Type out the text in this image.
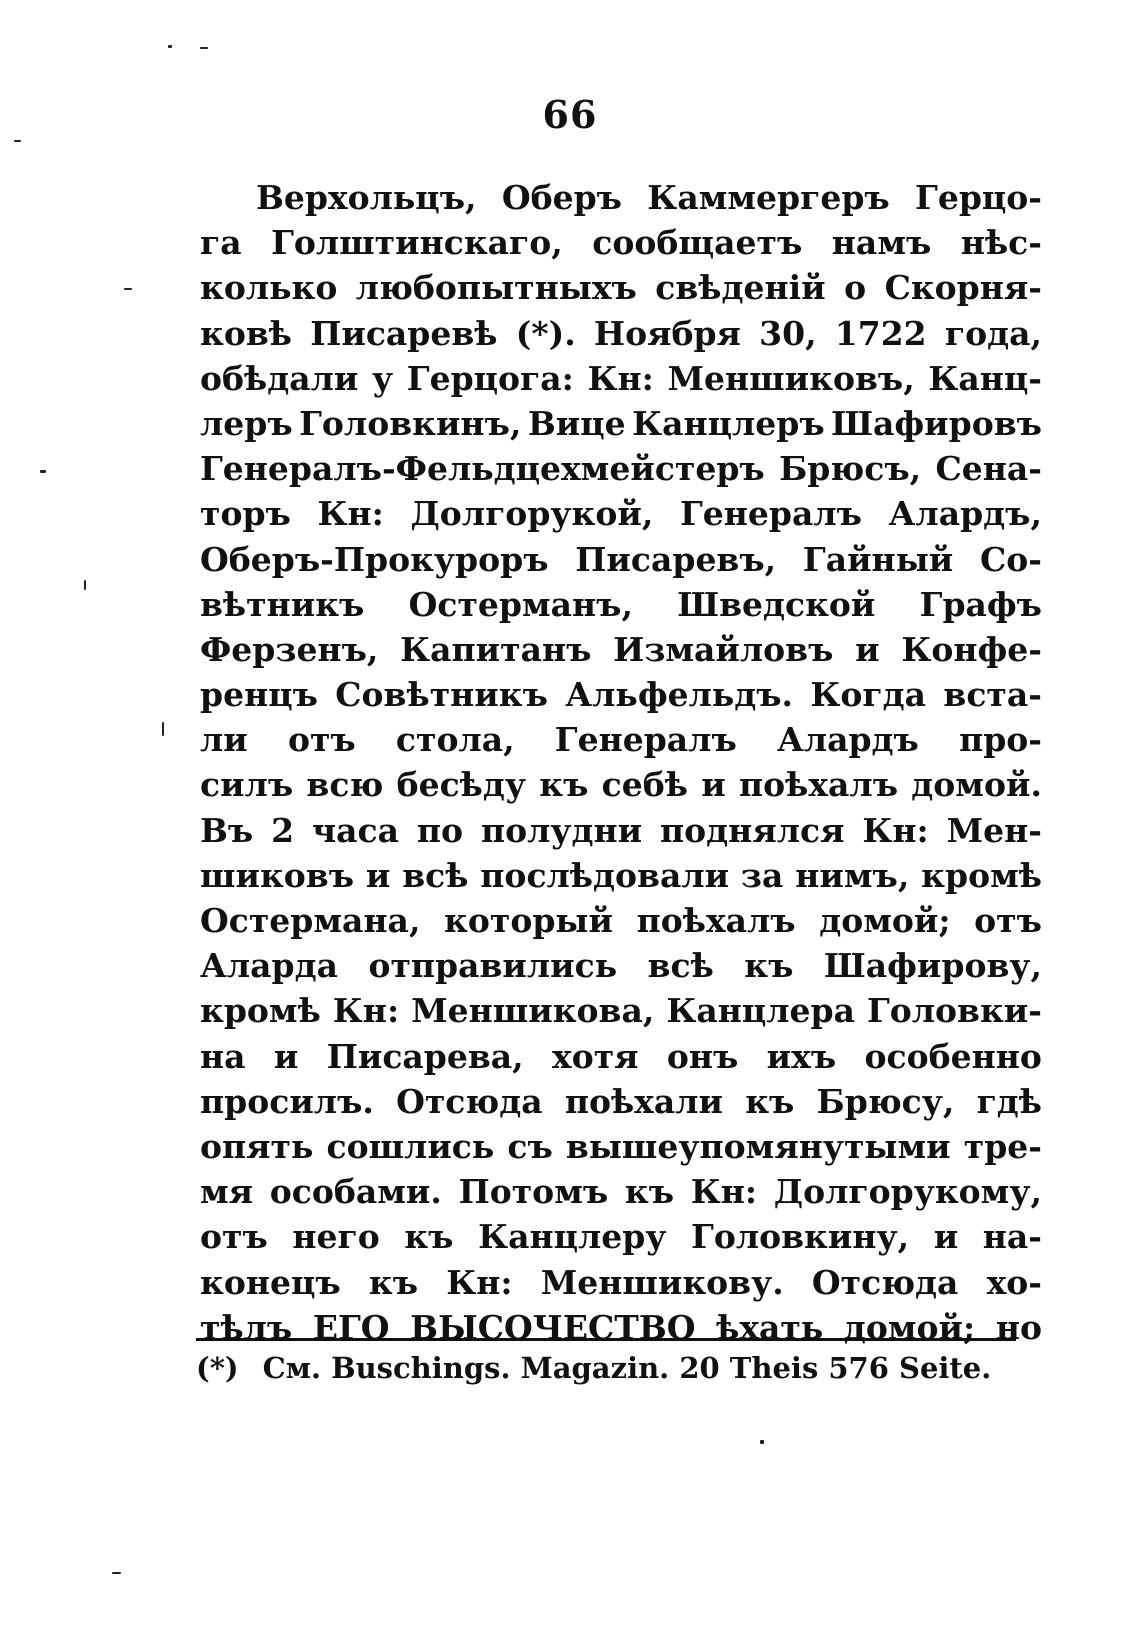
66
Верхольцъ, Оберъ Каммергеръ Герцо-
га Голштинскаго, сообщаетъ намъ нѣс-
колько любопытныхъ свѣденій о Скорня-
ковѣ Писаревѣ (*). Ноября 30, 1722 года,
обѣдали у Герцога: Кн: Меншиковъ, Канц-
леръ Головкинъ, Вице Канцлеръ Шафировъ
Генералъ-Фельдцехмейстеръ Брюсъ, Сена-
торъ Кн: Долгорукой, Генералъ Алардъ,
Оберъ-Прокуроръ Писаревъ, Гайный Со-
вѣтникъ Остерманъ, Шведской Графъ
Ферзенъ, Капитанъ Измайловъ и Конфе-
ренцъ Совѣтникъ Альфельдъ. Когда вста-
ли отъ стола, Генералъ Алардъ про-
силъ всю бесѣду къ себѣ и поѣхалъ домой.
Въ 2 часа по полудни поднялся Кн: Мен-
шиковъ и всѣ послѣдовали за нимъ, кромѣ
Остермана, который поѣхалъ домой; отъ
Аларда отправились всѣ къ Шафирову,
кромѣ Кн: Меншикова, Канцлера Головки-
на и Писарева, хотя онъ ихъ особенно
просилъ. Отсюда поѣхали къ Брюсу, гдѣ
опять сошлись съ вышеупомянутыми тре-
мя особами. Потомъ къ Кн: Долгорукому,
отъ него къ Канцлеру Головкину, и на-
конецъ къ Кн: Меншикову. Отсюда хо-
тѣлъ ЕГО ВЫСОЧЕСТВО ѣхать домой; но
(*) См. Buschings. Magazin. 20 Theis 576 Seite.
